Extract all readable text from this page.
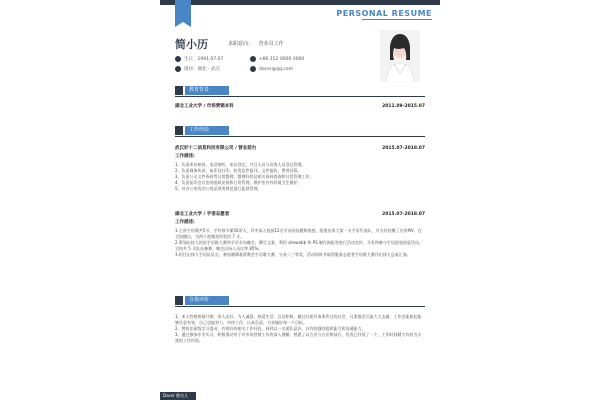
PERSONAL RESUME
简小历	求职意向： 营业员工作
生日：1991.07.07
现居：湖北 · 武汉
+86 152 0000 0000
docer@qq.com
教育背景
湖北工业大学 / 市场营销本科	2011.09-2015.07
工作经验
武汉好十二信息科技有限公司 / 营业前台	2015.07-2018.07
工作描述:
1、负责来访接待、电话接听、来访登记、并且人员与访客人员登记管理。
2、负责商务传真、复印及打印、收发信件报刊、文件报收、费用结算。
3、负责公司文件资料等日常整理，整理归档及相关资料查询和日常管理工作。
4、负责复印会议室的组织安排和日常管理，维护室内外环境卫生维护。
5、对办公室的办公用品领用规范进行监督管理。
湖北工业大学 / 手语志愿者	2015.07-2018.07
工作描述:
1.主讲手语课共5节，平均每节课50余人，其中深入校园12名学员的问题和困惑，组建出体大第一支手语代表队，并为其拍摄了宣传MV，在全校播出，为两个视频获得奖项 7 支。
2.策划出体大的国手语推大赛和手语专场晚会，撰写文案，利用 sitewebb 和 PS 制作海报等进行活动宣传，开发和参与手语进展创意活动，全校共 5 支队伍参赛，晚会出场人员比率 85%。
3.担任出体大手语队队长，参加湘潭基督教会手语歌大赛，分获二三等奖，活动同时并取得服务志愿者手语歌大赛作出体大总复汇演。
自我评价
1、本人性格热情开朗、待人友好、为人诚恳、热爱生活、自信积极、做过社团外务事件过的社会、凡事都会尽最大力去做，工作也能如此能够注意有效，自己也能努力，对待工作，认真负责，为求做好每一个目标。
2、曾担任班级学习委员，有很好的相关工作经验，同样以一名团队意识，具有较强的组织能力和沟通能力。
3、通过参加专业实习，积极推动对于对市场营销工作的深入理解，熟悉了以方法与方法和技巧、发表已经领了一个，工作时间精力有较为丰富的工作经验。
Docer 稻壳儿
